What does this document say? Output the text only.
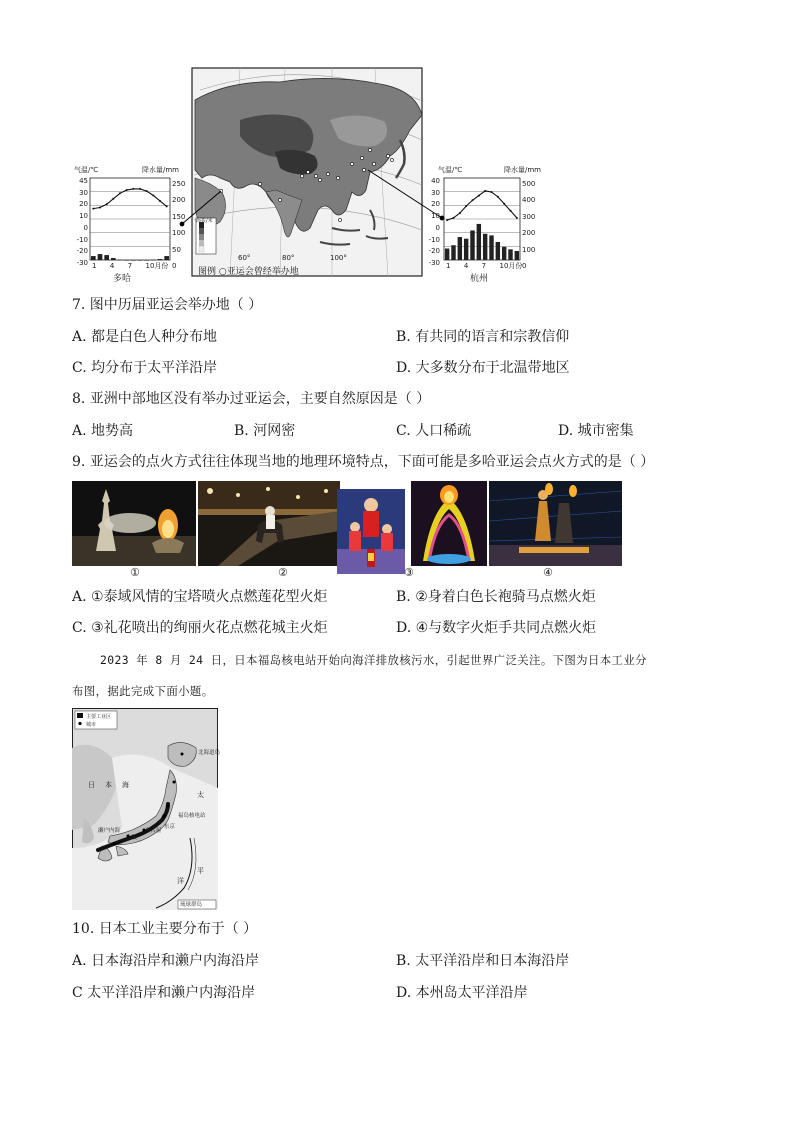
气温/℃	降水量/mm
45
30
20
10
0
-10
-20
-30
250
200
150
100
50
0
1 4 7 10月份
多哈
气温/℃	降水量/mm
40
30
20
10
0
-10
-20
-30
500
400
300
200
100
0
1 4 7 10月份
杭州
60°	80°	100°
海拔/米
图例 ○亚运会曾经举办地
7. 图中历届亚运会举办地（ ）
A. 都是白色人种分布地	B. 有共同的语言和宗教信仰
C. 均分布于太平洋沿岸	D. 大多数分布于北温带地区
8. 亚洲中部地区没有举办过亚运会，主要自然原因是（ ）
A. 地势高	B. 河网密	C. 人口稀疏	D. 城市密集
9. 亚运会的点火方式往往体现当地的地理环境特点，下面可能是多哈亚运会点火方式的是（ ）
①	②	③	④
A. ①泰域风情的宝塔喷火点燃莲花型火炬	B. ②身着白色长袍骑马点燃火炬
C. ③礼花喷出的绚丽火花点燃花城主火炬	D. ④与数字火炬手共同点燃火炬
2023 年 8 月 24 日，日本福岛核电站开始向海洋排放核污水，引起世界广泛关注。下图为日本工业分
布图，据此完成下面小题。
主要工业区
城市
北海道岛
福岛核电站
东京
名古屋
濑户内海
大阪
日本海
太
平
洋
琉球群岛
10. 日本工业主要分布于（ ）
A. 日本海沿岸和濑户内海沿岸	B. 太平洋沿岸和日本海沿岸
C 太平洋沿岸和濑户内海沿岸	D. 本州岛太平洋沿岸
